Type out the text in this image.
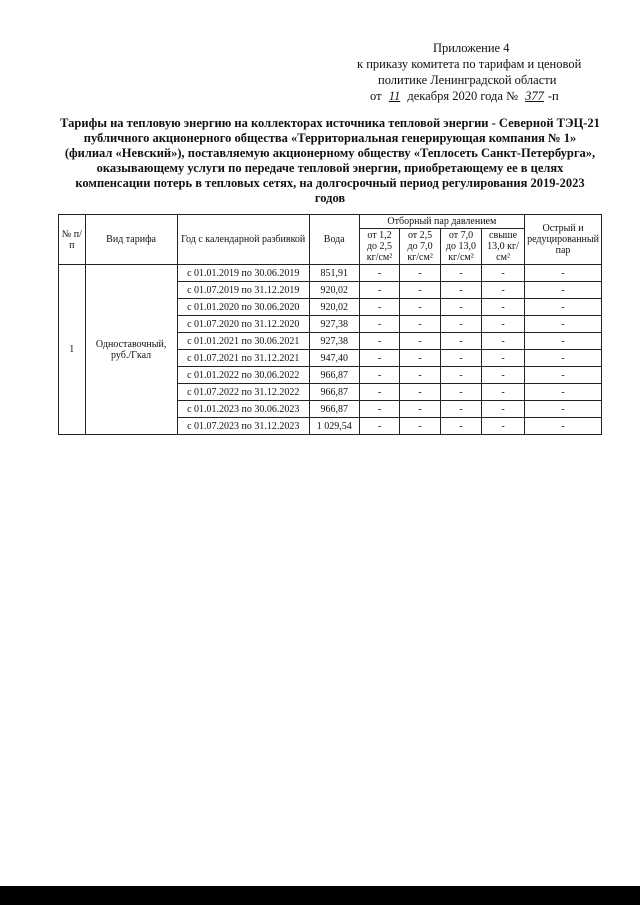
Приложение 4
к приказу комитета по тарифам и ценовой
политике Ленинградской области
от 11 декабря 2020 года № 377 -п
Тарифы на тепловую энергию на коллекторах источника тепловой энергии - Северной ТЭЦ-21 публичного акционерного общества «Территориальная генерирующая компания № 1» (филиал «Невский»), поставляемую акционерному обществу «Теплосеть Санкт-Петербурга», оказывающему услуги по передаче тепловой энергии, приобретающему ее в целях компенсации потерь в тепловых сетях, на долгосрочный период регулирования 2019-2023 годов
№ п/п	Вид тарифа	Год с календарной разбивкой	Вода	Отборный пар давлением				Острый и редуцированный пар
				от 1,2 до 2,5 кг/см²	от 2,5 до 7,0 кг/см²	от 7,0 до 13,0 кг/см²	свыше 13,0 кг/см²	
1	Одноставочный, руб./Гкал	с 01.01.2019 по 30.06.2019	851,91	-	-	-	-	-
		с 01.07.2019 по 31.12.2019	920,02	-	-	-	-	-
		с 01.01.2020 по 30.06.2020	920,02	-	-	-	-	-
		с 01.07.2020 по 31.12.2020	927,38	-	-	-	-	-
		с 01.01.2021 по 30.06.2021	927,38	-	-	-	-	-
		с 01.07.2021 по 31.12.2021	947,40	-	-	-	-	-
		с 01.01.2022 по 30.06.2022	966,87	-	-	-	-	-
		с 01.07.2022 по 31.12.2022	966,87	-	-	-	-	-
		с 01.01.2023 по 30.06.2023	966,87	-	-	-	-	-
		с 01.07.2023 по 31.12.2023	1 029,54	-	-	-	-	-
